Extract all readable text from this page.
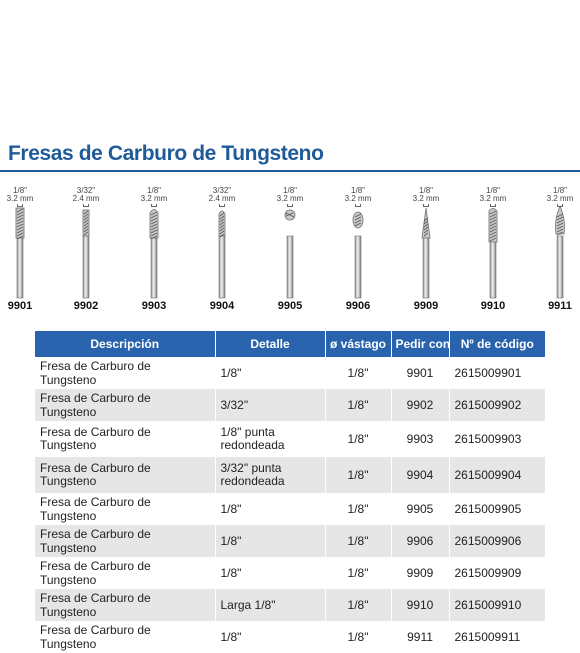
Fresas de Carburo de Tungsteno
1/8"
3.2 mm
9901
3/32"
2.4 mm
9902
1/8"
3.2 mm
9903
3/32"
2.4 mm
9904
1/8"
3.2 mm
9905
1/8"
3.2 mm
9906
1/8"
3.2 mm
9909
1/8"
3.2 mm
9910
1/8"
3.2 mm
9911
Descripción	Detalle	ø vástago	Pedir con	Nº de código
Fresa de Carburo de Tungsteno	1/8"	1/8"	9901	2615009901
Fresa de Carburo de Tungsteno	3/32"	1/8"	9902	2615009902
Fresa de Carburo de Tungsteno	1/8" punta redondeada	1/8"	9903	2615009903
Fresa de Carburo de Tungsteno	3/32" punta redondeada	1/8"	9904	2615009904
Fresa de Carburo de Tungsteno	1/8"	1/8"	9905	2615009905
Fresa de Carburo de Tungsteno	1/8"	1/8"	9906	2615009906
Fresa de Carburo de Tungsteno	1/8"	1/8"	9909	2615009909
Fresa de Carburo de Tungsteno	Larga 1/8"	1/8"	9910	2615009910
Fresa de Carburo de Tungsteno	1/8"	1/8"	9911	2615009911
